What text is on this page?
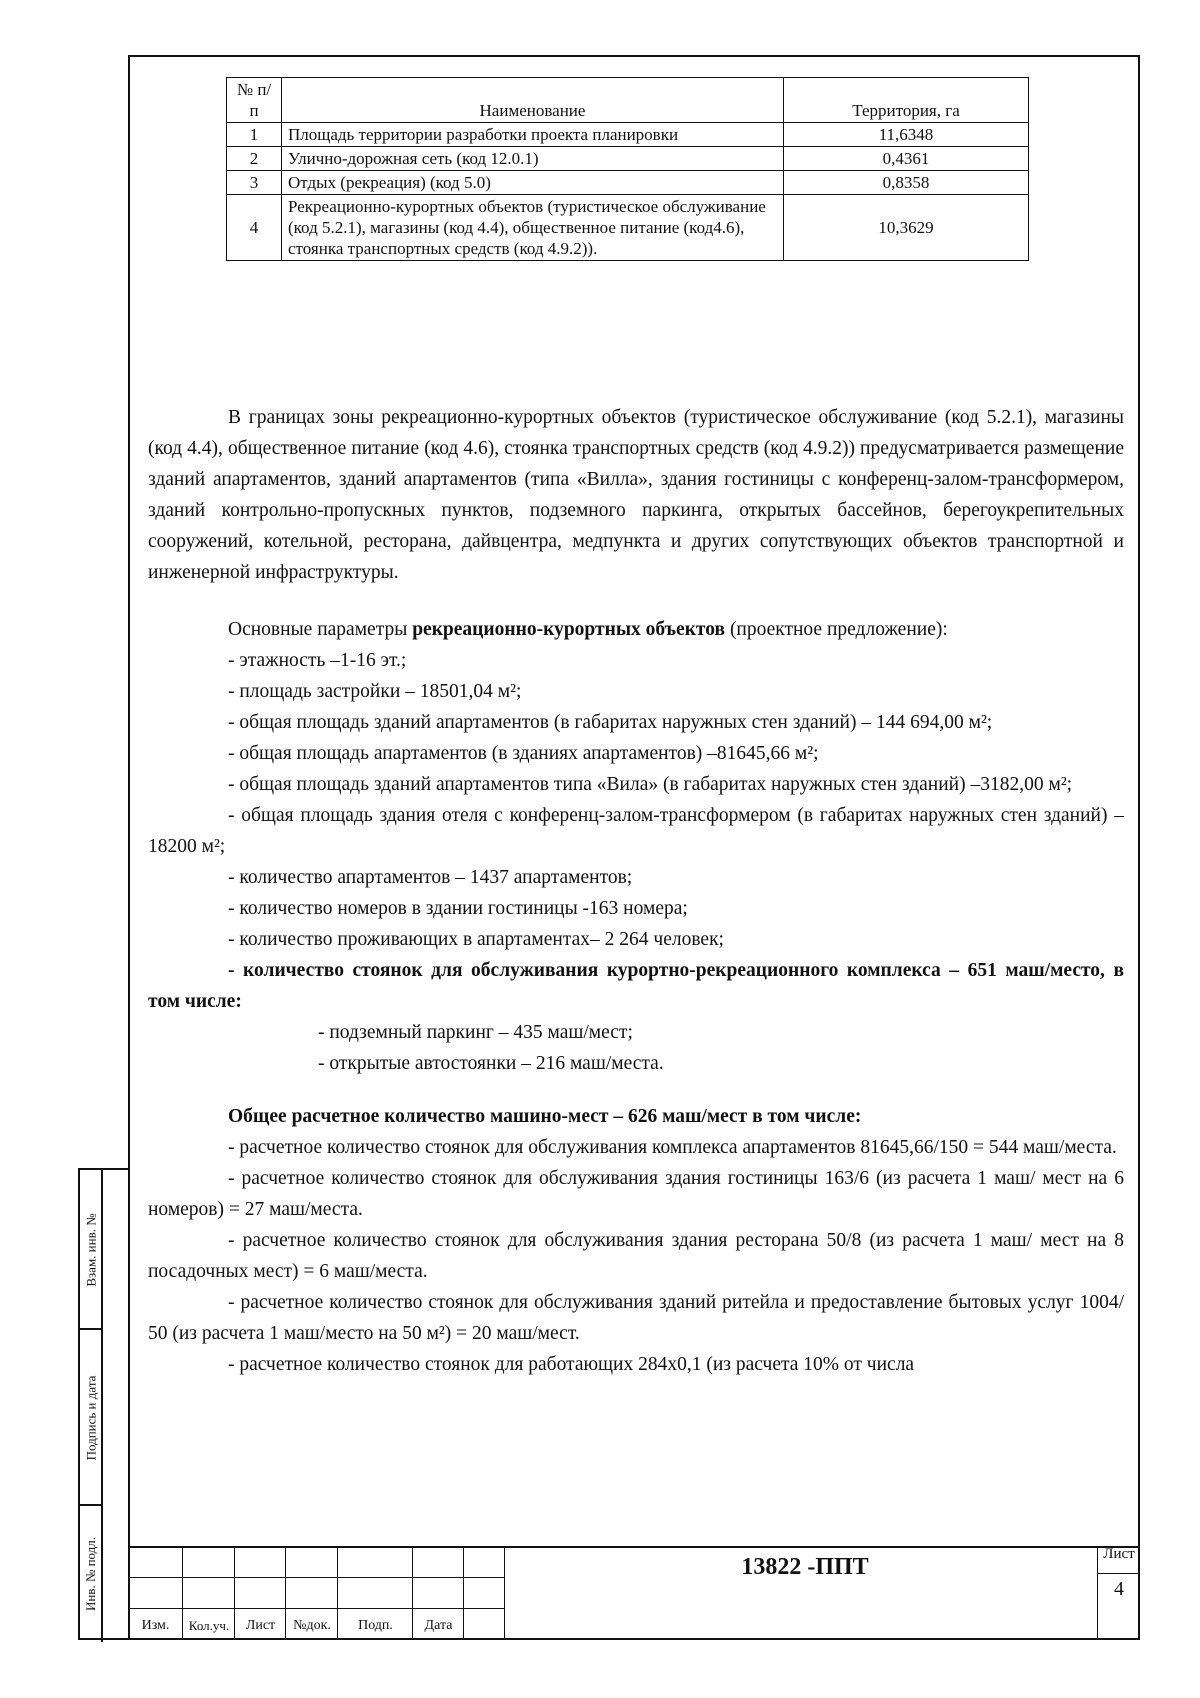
Взам. инв. №
Подпись и дата
Инв. № подл.
№ п/п	Наименование	Территория, га
1	Площадь территории разработки проекта планировки	11,6348
2	Улично-дорожная сеть (код 12.0.1)	0,4361
3	Отдых (рекреация) (код 5.0)	0,8358
4	Рекреационно-курортных объектов (туристическое обслуживание (код 5.2.1), магазины (код 4.4), общественное питание (код4.6), стоянка транспортных средств (код 4.9.2)).	10,3629

В границах зоны рекреационно-курортных объектов (туристическое обслуживание (код 5.2.1), магазины (код 4.4), общественное питание (код 4.6), стоянка транспортных средств (код 4.9.2)) предусматривается размещение зданий апартаментов, зданий апартаментов (типа «Вилла», здания гостиницы с конференц-залом-трансформером, зданий контрольно-пропускных пунктов, подземного паркинга, открытых бассейнов, берегоукрепительных сооружений, котельной, ресторана, дайвцентра, медпункта и других сопутствующих объектов транспортной и инженерной инфраструктуры.

Основные параметры рекреационно-курортных объектов (проектное предложение):

- этажность –1-16 эт.;

- площадь застройки – 18501,04 м²;

- общая площадь зданий апартаментов (в габаритах наружных стен зданий) – 144 694,00 м²;

- общая площадь апартаментов (в зданиях апартаментов) –81645,66 м²;

- общая площадь зданий апартаментов типа «Вила» (в габаритах наружных стен зданий) –3182,00 м²;

- общая площадь здания отеля с конференц-залом-трансформером (в габаритах наружных стен зданий) – 18200 м²;

- количество апартаментов – 1437 апартаментов;

- количество номеров в здании гостиницы -163 номера;

- количество проживающих в апартаментах– 2 264 человек;

- количество стоянок для обслуживания курортно-рекреационного комплекса – 651 маш/место, в том числе:

- подземный паркинг – 435 маш/мест;

- открытые автостоянки – 216 маш/места.

Общее расчетное количество машино-мест – 626 маш/мест в том числе:

- расчетное количество стоянок для обслуживания комплекса апартаментов 81645,66/150 = 544 маш/места.

- расчетное количество стоянок для обслуживания здания гостиницы 163/6 (из расчета 1 маш/ мест на 6 номеров) = 27 маш/места.

- расчетное количество стоянок для обслуживания здания ресторана 50/8 (из расчета 1 маш/ мест на 8 посадочных мест) = 6 маш/места.

- расчетное количество стоянок для обслуживания зданий ритейла и предоставление бытовых услуг 1004/ 50 (из расчета 1 маш/место на 50 м²) = 20 маш/мест.

- расчетное количество стоянок для работающих 284х0,1 (из расчета 10% от числа

Изм.	Кол.уч.	Лист	№док.	Подп.	Дата
13822 -ППТ	Лист
4
